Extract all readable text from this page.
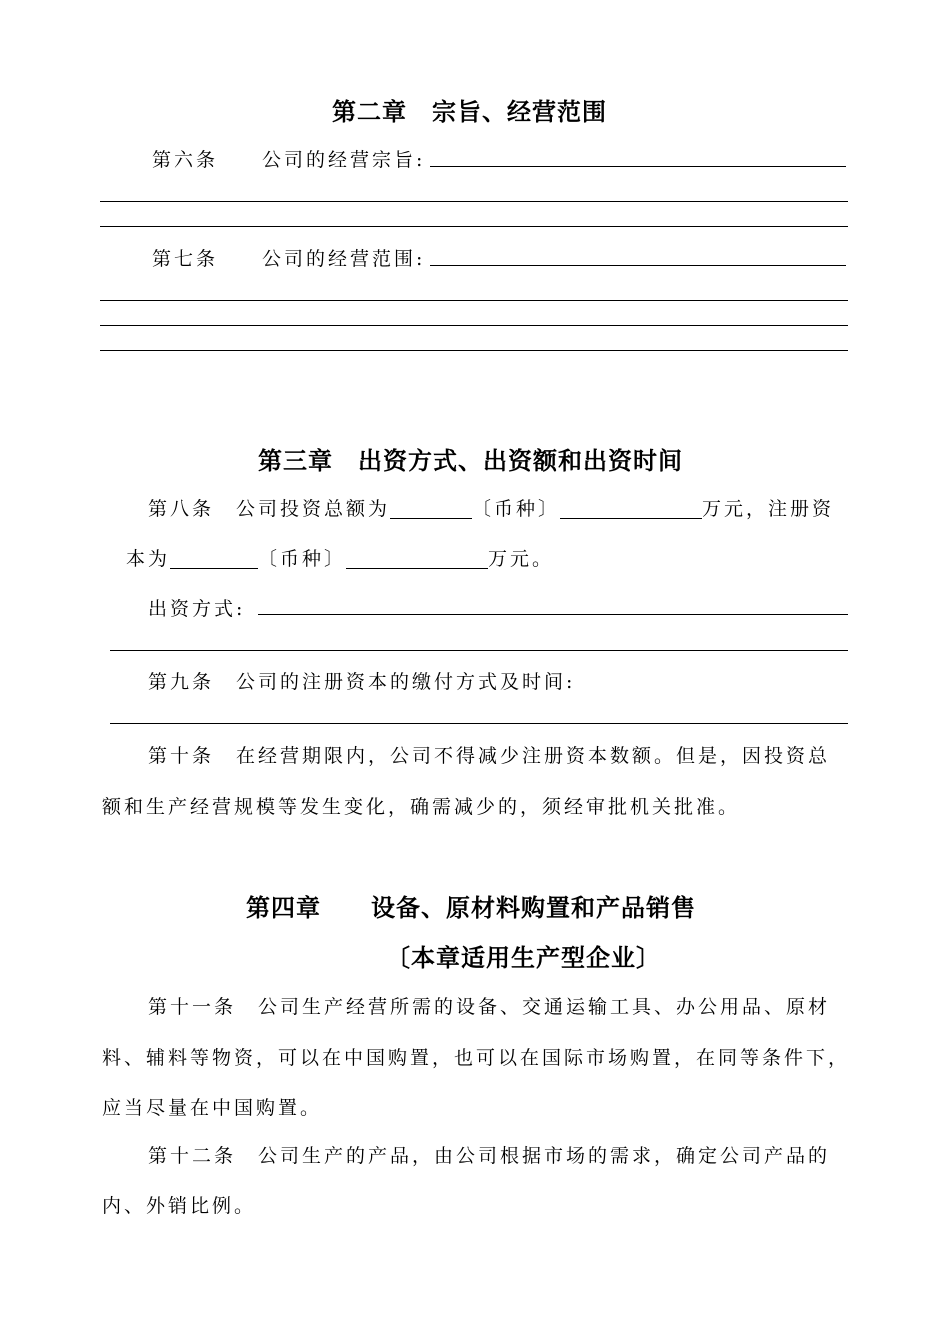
第二章　宗旨、经营范围
第六条　　公司的经营宗旨:
第七条　　公司的经营范围:
第三章　出资方式、出资额和出资时间
第八条　公司投资总额为	〔币种〕	万元，注册资
本为	〔币种〕	万元。
出资方式:
第九条　公司的注册资本的缴付方式及时间:
第十条　在经营期限内，公司不得减少注册资本数额。但是，因投资总
额和生产经营规模等发生变化，确需减少的，须经审批机关批准。
第四章　　设备、原材料购置和产品销售
〔本章适用生产型企业〕
第十一条　公司生产经营所需的设备、交通运输工具、办公用品、原材
料、辅料等物资，可以在中国购置，也可以在国际市场购置，在同等条件下，
应当尽量在中国购置。
第十二条　公司生产的产品，由公司根据市场的需求，确定公司产品的
内、外销比例。
